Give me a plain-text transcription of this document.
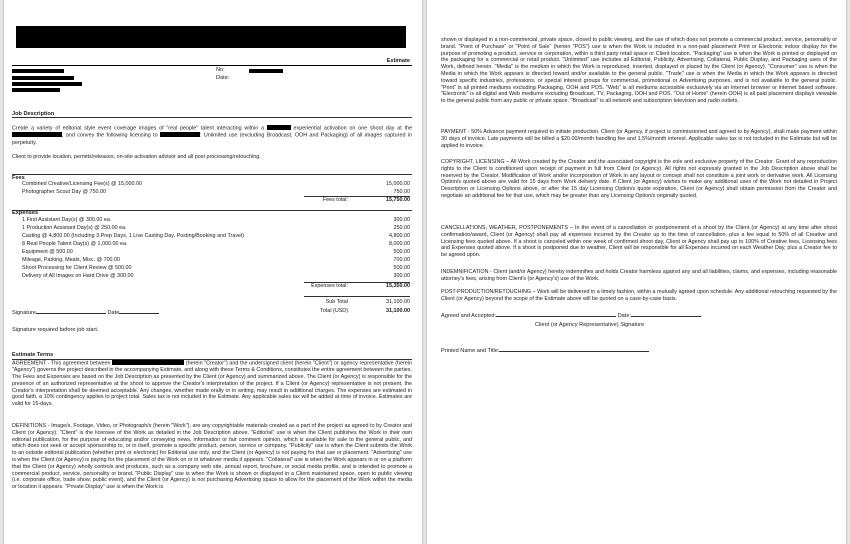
Estimate
No:
Date:
Job Description
Create a variety of editorial style event coverage images of "real people" talent interacting within a	experiential activation on one shoot day at the , and convey the following licensing to	: Unlimited use (excluding Broadcast, OOH and Packaging) of all images captured in perpetuity.
Client to provide location, permits/releases, on-site activation advisor and all post processing/retouching.
Fees
Combined Creative/Licensing Fee(s) @ 15,000.00	15,000.00
Photographer Scout Day @ 750.00	750.00
Fees total:	15,750.00
Expenses
1 First Assistant Day(s) @ 300.00 ea.	300.00
1 Production Assistant Day(s) @ 250.00 ea.	250.00
Casting @ 4,800.00 (Including 3 Prep Days, 1 Live Casting Day, Posting/Booking and Travel)	4,800.00
8 Real People Talent Day(s) @ 1,000.00 ea.	8,000.00
Equipment @ 500.00	500.00
Mileage, Parking, Meals, Misc. @ 700.00	700.00
Shoot Processing for Client Review @ 500.00	500.00
Delivery of All Images on Hard Drive @ 300.00	300.00
Expenses total:	15,350.00
Sub Total	31,100.00
Total (USD)	31,100.00
Signature	Date
Signature required before job start.
Estimate Terms
AGREEMENT - This agreement between	(herein "Creator") and the undersigned client (herein "Client") or agency representative (herein "Agency") governs the project described in the accompanying Estimate, and along with these Terms & Conditions, constitutes the entire agreement between the parties. The Fees and Expenses are based on the Job Description as presented by the Client (or Agency) and summarized above. The Client (or Agency) is responsible for the presence of an authorized representative at the shoot to approve the Creator's interpretation of the project. If a Client (or Agency) representative is not present, the Creator's interpretation shall be deemed acceptable. Any changes, whether made orally or in writing, may result in additional charges. The expenses are estimated in good faith, a 10% contingency applies to project total. Sales tax is not included in the Estimate. Any applicable sales tax will be added at time of invoice. Estimates are valid for 15-days.
DEFINITIONS - Image/s, Footage, Video, or Photograph/s (herein "Work"), are any copyrightable materials created as a part of the project as agreed to by Creator and Client (or Agency). "Client" is the licensee of the Work as detailed in the Job Description above. "Editorial" use is when the Client publishes the Work in their own editorial publication, for the purpose of educating and/or conveying news, information or fair comment opinion, which is available for sale to the general public, and which does not seek or accept sponsorship to, or in itself, promote a specific product, person, service or company. "Publicity" use is when the Client submits the Work to an outside editorial publication (whether print or electronic) for Editorial use only, and the Client (or Agency) is not paying for that use or placement. "Advertising" use is when the Client (or Agency) is paying for the placement of the Work on or in whatever media it appears. "Collateral" use is when the Work appears in or on a platform that the Client (or Agency) wholly controls and produces, such as a company web site, annual report, brochure, or social media profile, and is intended to promote a commercial product, service, personality or brand. "Public Display" use is when the Work is shown or displayed in a Client maintained space, open to public viewing (i.e. corporate office, trade show, public event), and the Client (or Agency) is not purchasing Advertising space to allow for the placement of the Work within the media or location it appears. "Private Display" use is when the Work is
shown or displayed in a non-commercial, private space, closed to public viewing, and the use of which does not promote a commercial product, service, personality or brand. "Point of Purchase" or "Point of Sale" (herein "POS") use is when the Work is included in a non-paid placement Print or Electronic indoor display for the purpose of promoting a product, service or corporation, within a third party retail space or Client location. "Packaging" use is when the Work is printed or displayed on the packaging for a commercial or retail product. "Unlimited" use includes all Editorial, Publicity, Advertising, Collateral, Public Display, and Packaging uses of the Work, defined herein. "Media" is the medium in which the Work is reproduced, inserted, displayed or placed by the Client (or Agency). "Consumer" use is when the Media in which the Work appears is directed toward and/or available to the general public. "Trade" use is when the Media in which the Work appears is directed toward specific industries, professions, or special interest groups for commercial, promotional or Advertising purposes, and is not available to the general public. "Print" is all printed mediums excluding Packaging, OOH and POS. "Web" is all mediums accessible exclusively via an internet browser or internet based software. "Electronic" is all digital and Web mediums excluding Broadcast, TV, Packaging, OOH and POS. "Out of Home" (herein OOH) is all paid placement displays viewable to the general public from any public or private space. "Broadcast" is all network and subscription television and radio outlets.
PAYMENT - 50% Advance payment required to initiate production. Client (or Agency, if project is commissioned and agreed to by Agency), shall make payment within 30 days of invoice. Late payments will be billed a $20.00/month handling fee and 1.5%/month interest. Applicable sales tax is not included in the Estimate but will be applied to invoice.
COPYRIGHT, LICENSING – All Work created by the Creator and the associated copyright is the sole and exclusive property of the Creator. Grant of any reproduction rights to the Client is conditioned upon receipt of payment in full from Client (or Agency). All rights not expressly granted in the Job Description above shall be reserved by the Creator. Modification of Work and/or incorporation of Work in any layout or concept shall not constitute a joint work or derivative work. All Licensing Option/s quoted above are valid for 15 days from Work delivery date. If Client (or Agency) wishes to make any additional uses of the Work not detailed in Project Description or Licensing Options above, or after the 15 day Licensing Option/s quote expiration, Client (or Agency) shall obtain permission from the Creator and negotiate an additional fee for that use, which may be greater than any Licensing Option/s originally quoted.
CANCELLATIONS, WEATHER, POSTPONEMENTS – In the event of a cancellation or postponement of a shoot by the Client (or Agency) at any time after shoot confirmation/award, Client (or Agency) shall pay all expenses incurred by the Creator up to the time of cancellation, plus a fee equal to 50% of all Creative and Licensing fees quoted above. If a shoot is canceled within one week of confirmed shoot day, Client or Agency shall pay up to 100% of Creative fees, Licensing fees and Expenses quoted above. If a shoot is postponed due to weather, Client will be responsible for all Expenses incurred on each Weather Day, plus a Creator fee to be agreed upon.
INDEMNIFICATION - Client (and/or Agency) hereby indemnifies and holds Creator harmless against any and all liabilities, claims, and expenses, including reasonable attorney's fees, arising from Client's (or Agency's) use of the Work.
POST-PRODUCTION/RETOUCHING – Work will be delivered in a timely fashion, within a mutually agreed upon schedule. Any additional retouching requested by the Client (or Agency) beyond the scope of the Estimate above will be quoted on a case-by-case basis.
Agreed and Accepted:	Date:
Client (or Agency Representative) Signature
Printed Name and Title:
